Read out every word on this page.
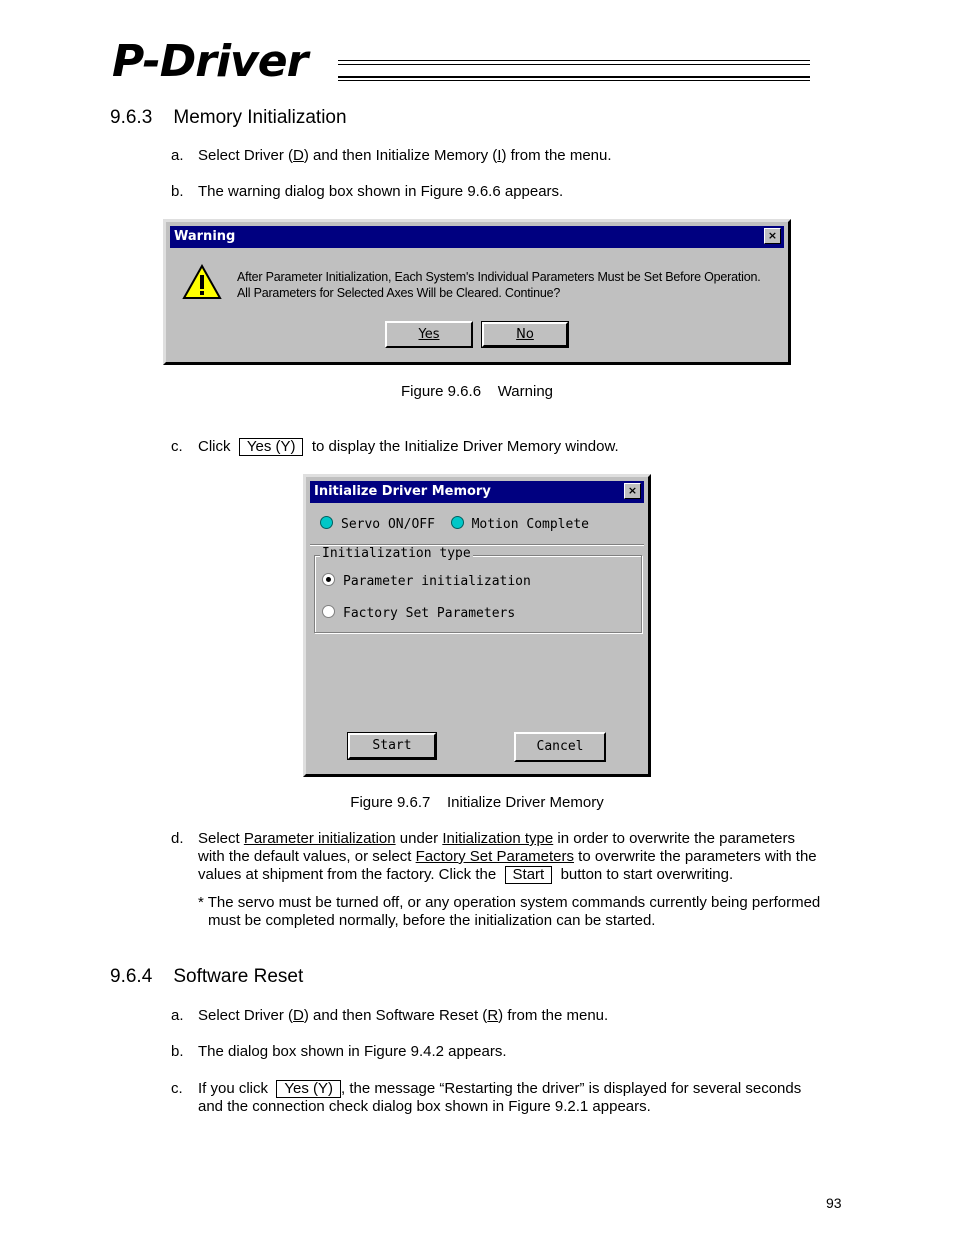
P-Driver
9.6.3    Memory Initialization
a. Select Driver (D) and then Initialize Memory (I) from the menu.
b. The warning dialog box shown in Figure 9.6.6 appears.
Warning	×
After Parameter Initialization, Each System's Individual Parameters Must be Set Before Operation.
All Parameters for Selected Axes Will be Cleared. Continue?
Yes	No
Figure 9.6.6    Warning
c. Click Yes (Y) to display the Initialize Driver Memory window.
Initialize Driver Memory	×
Servo ON/OFF	Motion Complete
Initialization type
Parameter initialization
Factory Set Parameters
Start	Cancel
Figure 9.6.7    Initialize Driver Memory
d. Select Parameter initialization under Initialization type in order to overwrite the parameters
with the default values, or select Factory Set Parameters to overwrite the parameters with the
values at shipment from the factory. Click the Start button to start overwriting.
* The servo must be turned off, or any operation system commands currently being performed
must be completed normally, before the initialization can be started.
9.6.4    Software Reset
a. Select Driver (D) and then Software Reset (R) from the menu.
b. The dialog box shown in Figure 9.4.2 appears.
c. If you click Yes (Y) , the message “Restarting the driver” is displayed for several seconds
and the connection check dialog box shown in Figure 9.2.1 appears.
93
